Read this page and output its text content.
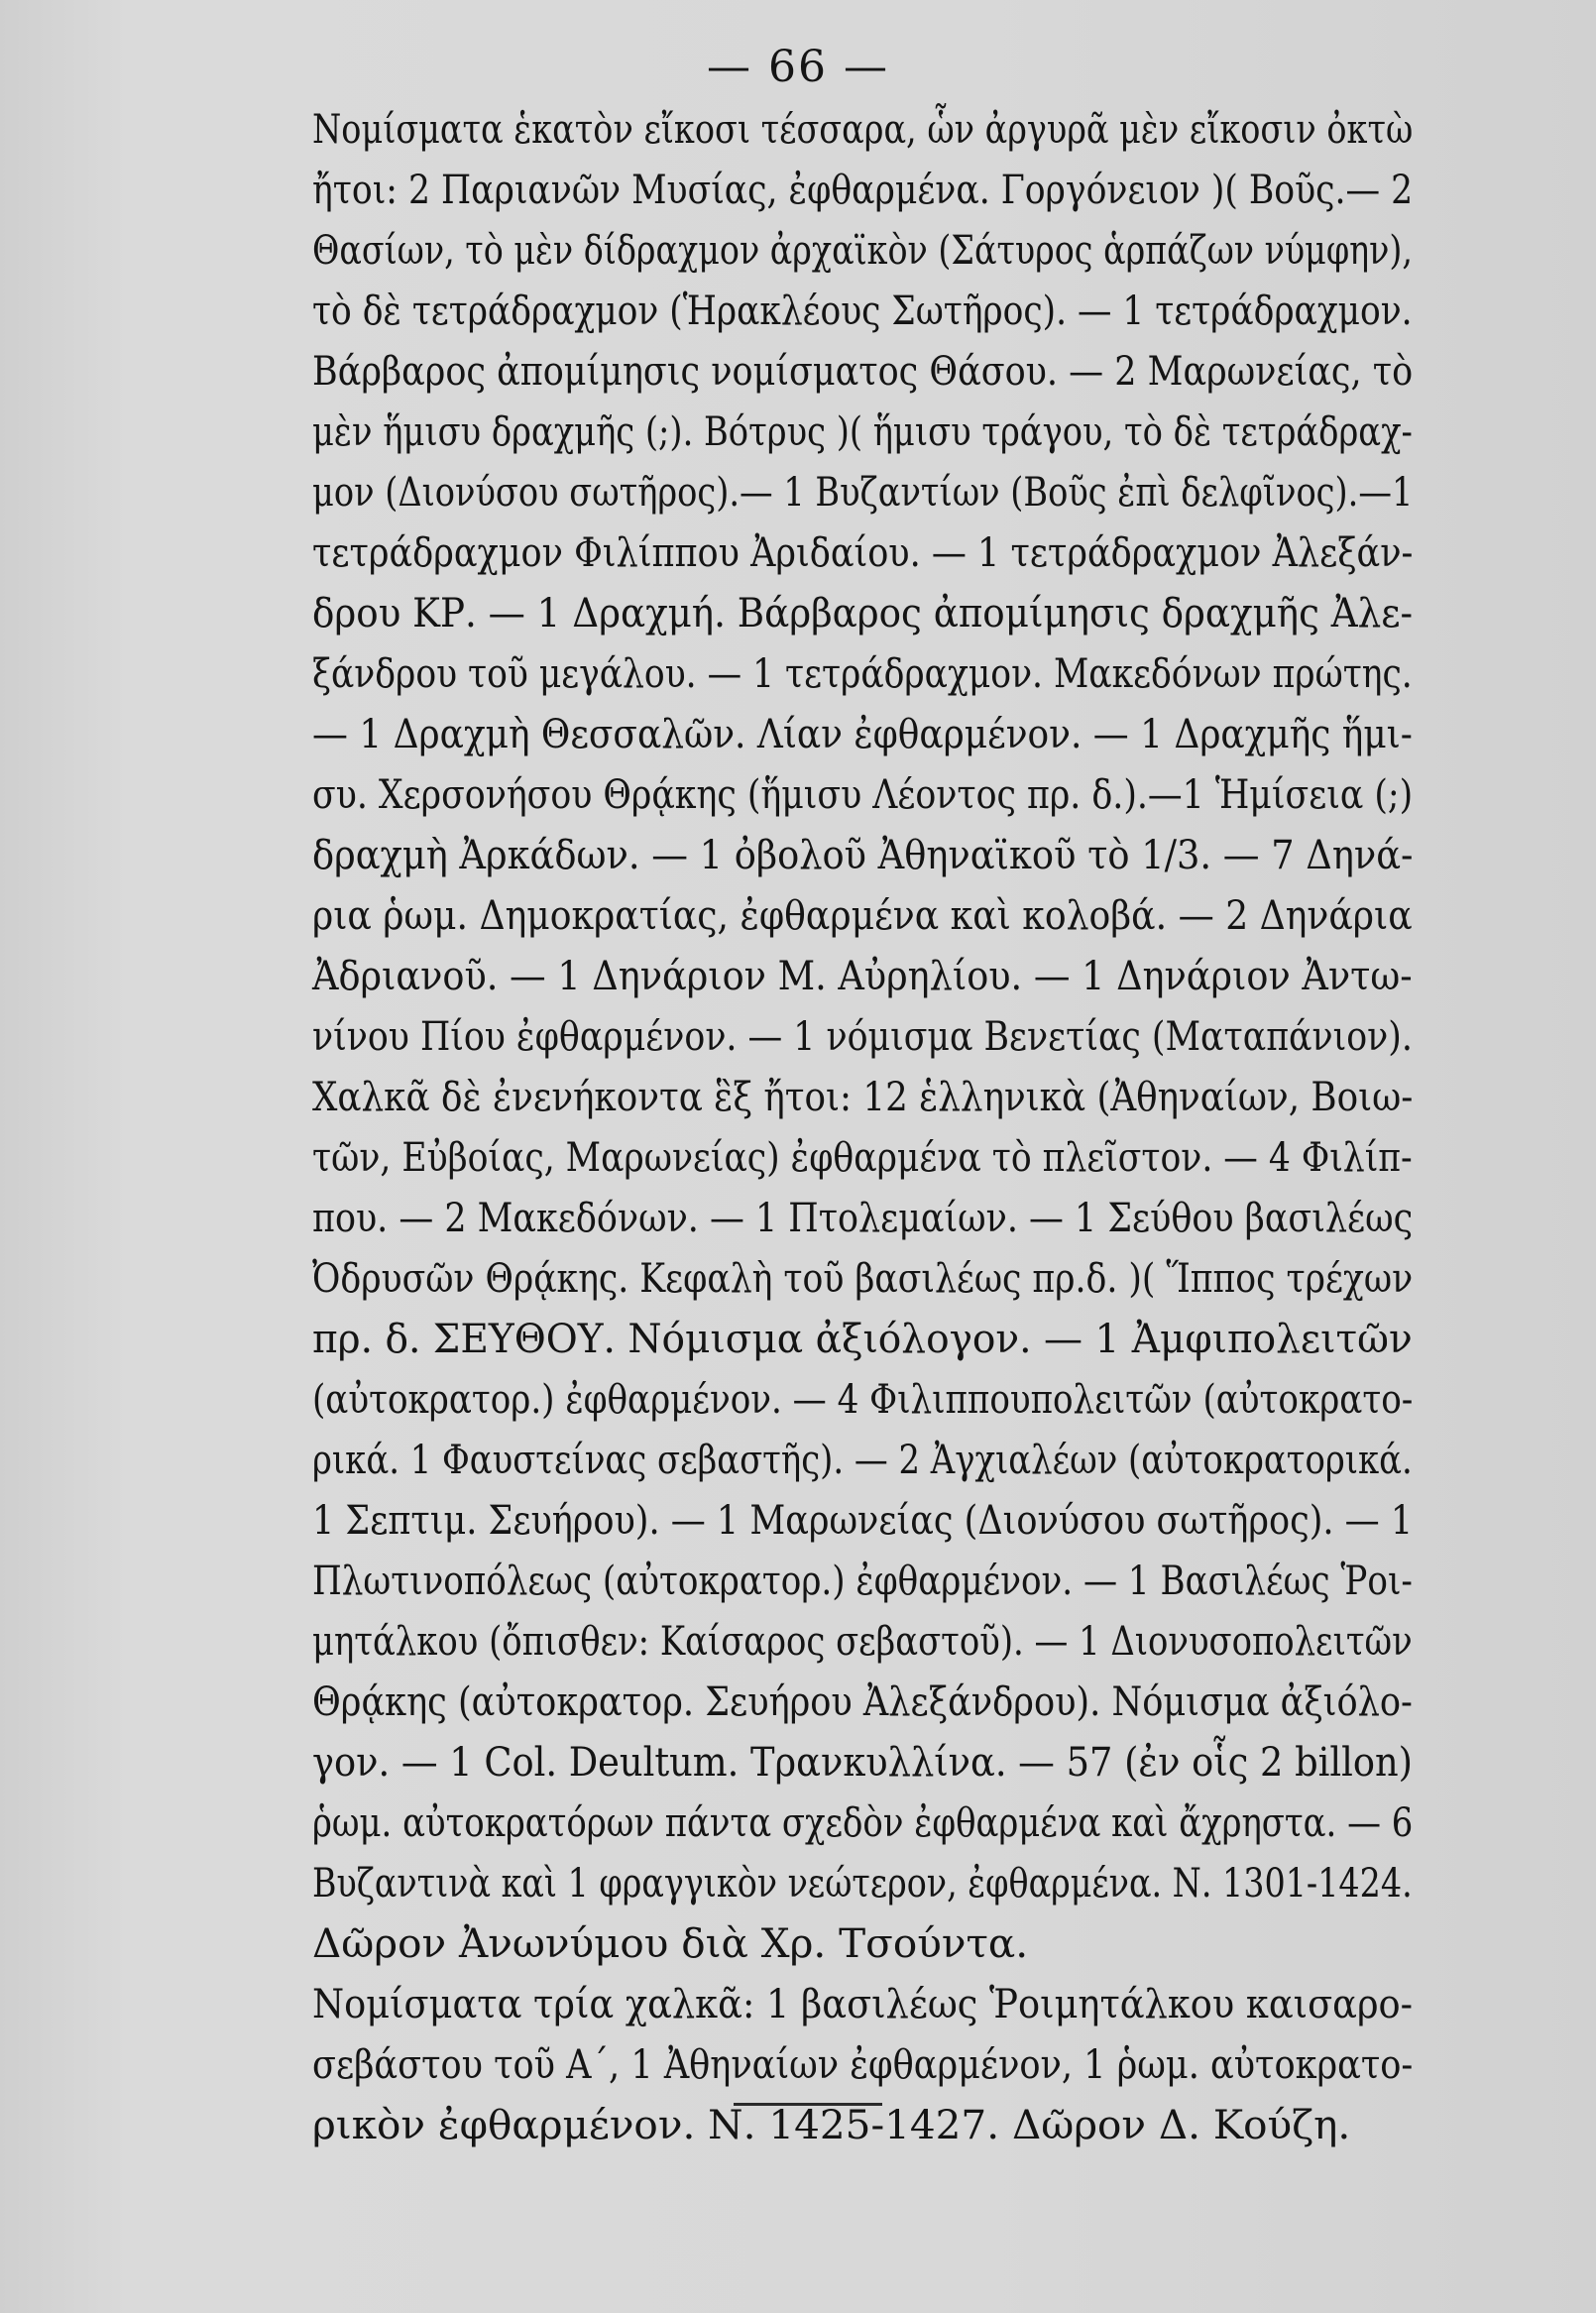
— 66 —
Νομίσματα ἑκατὸν εἴκοσι τέσσαρα, ὧν ἀργυρᾶ μὲν εἴκοσιν ὀκτὼ
ἤτοι: 2 Παριανῶν Μυσίας, ἐφθαρμένα. Γοργόνειον )( Βοῦς.— 2
Θασίων, τὸ μὲν δίδραχμον ἀρχαϊκὸν (Σάτυρος ἁρπάζων νύμφην),
τὸ δὲ τετράδραχμον (Ἡρακλέους Σωτῆρος). — 1 τετράδραχμον.
Βάρβαρος ἀπομίμησις νομίσματος Θάσου. — 2 Μαρωνείας, τὸ
μὲν ἥμισυ δραχμῆς (;). Βότρυς )( ἥμισυ τράγου, τὸ δὲ τετράδραχ-
μον (Διονύσου σωτῆρος).— 1 Βυζαντίων (Βοῦς ἐπὶ δελφῖνος).—1
τετράδραχμον Φιλίππου Ἀριδαίου. — 1 τετράδραχμον Ἀλεξάν-
δρου ΚΡ. — 1 Δραχμή. Βάρβαρος ἀπομίμησις δραχμῆς Ἀλε-
ξάνδρου τοῦ μεγάλου. — 1 τετράδραχμον. Μακεδόνων πρώτης.
— 1 Δραχμὴ Θεσσαλῶν. Λίαν ἐφθαρμένον. — 1 Δραχμῆς ἥμι-
συ. Χερσονήσου Θρᾴκης (ἥμισυ Λέοντος πρ. δ.).—1 Ἡμίσεια (;)
δραχμὴ Ἀρκάδων. — 1 ὀβολοῦ Ἀθηναϊκοῦ τὸ 1/3. — 7 Δηνά-
ρια ῥωμ. Δημοκρατίας, ἐφθαρμένα καὶ κολοβά. — 2 Δηνάρια
Ἀδριανοῦ. — 1 Δηνάριον Μ. Αὐρηλίου. — 1 Δηνάριον Ἀντω-
νίνου Πίου ἐφθαρμένον. — 1 νόμισμα Βενετίας (Ματαπάνιον).
Χαλκᾶ δὲ ἐνενήκοντα ἓξ ἤτοι: 12 ἑλληνικὰ (Ἀθηναίων, Βοιω-
τῶν, Εὐβοίας, Μαρωνείας) ἐφθαρμένα τὸ πλεῖστον. — 4 Φιλίπ-
που. — 2 Μακεδόνων. — 1 Πτολεμαίων. — 1 Σεύθου βασιλέως
Ὀδρυσῶν Θρᾴκης. Κεφαλὴ τοῦ βασιλέως πρ.δ. )( Ἵππος τρέχων
πρ. δ. ΣΕΥΘΟΥ. Νόμισμα ἀξιόλογον. — 1 Ἀμφιπολειτῶν
(αὐτοκρατορ.) ἐφθαρμένον. — 4 Φιλιππουπολειτῶν (αὐτοκρατο-
ρικά. 1 Φαυστείνας σεβαστῆς). — 2 Ἀγχιαλέων (αὐτοκρατορικά.
1 Σεπτιμ. Σευήρου). — 1 Μαρωνείας (Διονύσου σωτῆρος). — 1
Πλωτινοπόλεως (αὐτοκρατορ.) ἐφθαρμένον. — 1 Βασιλέως Ῥοι-
μητάλκου (ὄπισθεν: Καίσαρος σεβαστοῦ). — 1 Διονυσοπολειτῶν
Θρᾴκης (αὐτοκρατορ. Σευήρου Ἀλεξάνδρου). Νόμισμα ἀξιόλο-
γον. — 1 Col. Deultum. Τρανκυλλίνα. — 57 (ἐν οἷς 2 billon)
ῥωμ. αὐτοκρατόρων πάντα σχεδὸν ἐφθαρμένα καὶ ἄχρηστα. — 6
Βυζαντινὰ καὶ 1 φραγγικὸν νεώτερον, ἐφθαρμένα. Ν. 1301-1424.
Δῶρον Ἀνωνύμου διὰ Χρ. Τσούντα.
Νομίσματα τρία χαλκᾶ: 1 βασιλέως Ῥοιμητάλκου καισαρο-
σεβάστου τοῦ Α΄, 1 Ἀθηναίων ἐφθαρμένον, 1 ῥωμ. αὐτοκρατο-
ρικὸν ἐφθαρμένον. Ν. 1425-1427. Δῶρον Δ. Κούζη.
